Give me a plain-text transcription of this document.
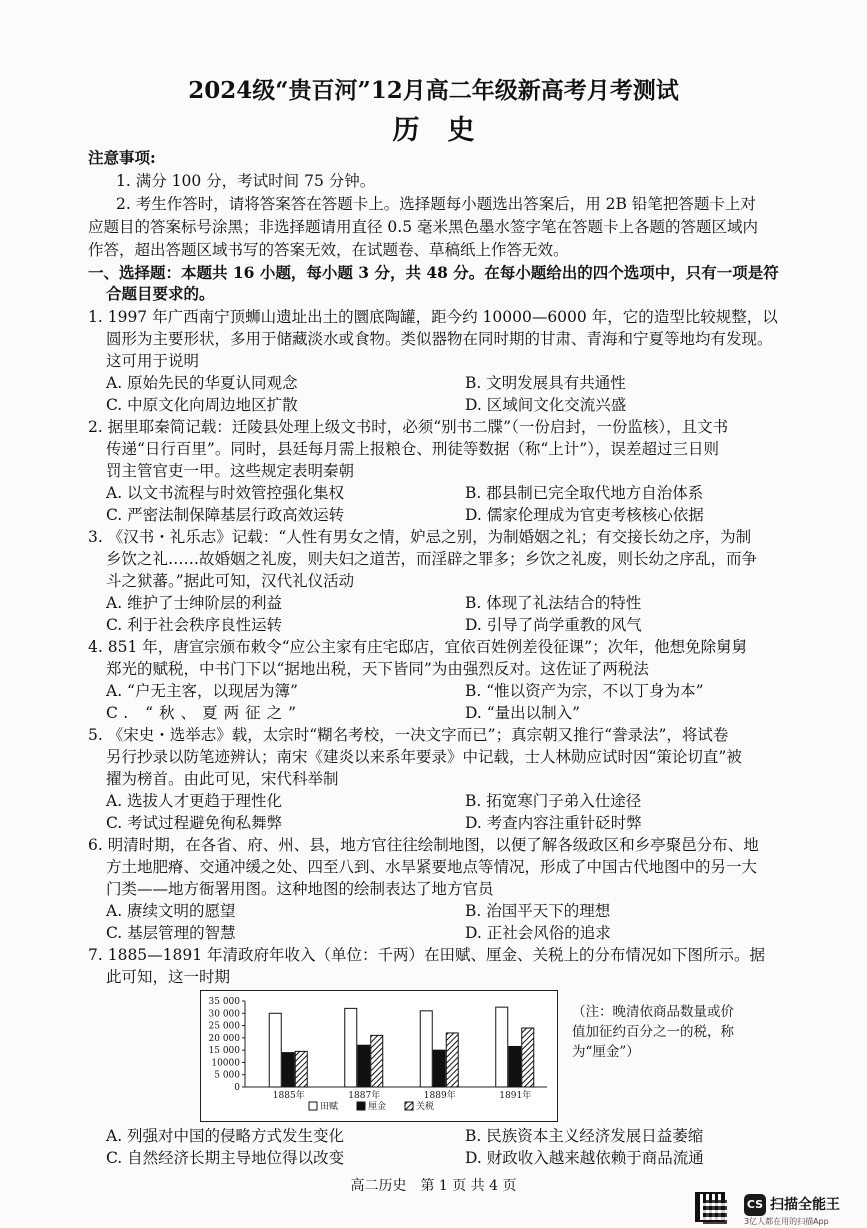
2024级“贵百河”12月高二年级新高考月考测试
历史
注意事项:
1. 满分 100 分，考试时间 75 分钟。
2. 考生作答时，请将答案答在答题卡上。选择题每小题选出答案后，用 2B 铅笔把答题卡上对
应题目的答案标号涂黑；非选择题请用直径 0.5 毫米黑色墨水签字笔在答题卡上各题的答题区域内
作答，超出答题区域书写的答案无效，在试题卷、草稿纸上作答无效。
一、选择题：本题共 16 小题，每小题 3 分，共 48 分。在每小题给出的四个选项中，只有一项是符
合题目要求的。
1. 1997 年广西南宁顶蛳山遗址出土的圜底陶罐，距今约 10000—6000 年，它的造型比较规整，以
圆形为主要形状，多用于储藏淡水或食物。类似器物在同时期的甘肃、青海和宁夏等地均有发现。
这可用于说明
A. 原始先民的华夏认同观念	B. 文明发展具有共通性
C. 中原文化向周边地区扩散	D. 区域间文化交流兴盛
2. 据里耶秦简记载：迁陵县处理上级文书时，必须“别书二牒”（一份启封，一份监核），且文书
传递“日行百里”。同时，县廷每月需上报粮仓、刑徒等数据（称“上计”），误差超过三日则
罚主管官吏一甲。这些规定表明秦朝
A. 以文书流程与时效管控强化集权	B. 郡县制已完全取代地方自治体系
C. 严密法制保障基层行政高效运转	D. 儒家伦理成为官吏考核核心依据
3. 《汉书・礼乐志》记载：“人性有男女之情，妒忌之别，为制婚姻之礼；有交接长幼之序，为制
乡饮之礼……故婚姻之礼废，则夫妇之道苦，而淫辟之罪多；乡饮之礼废，则长幼之序乱，而争
斗之狱蕃。”据此可知，汉代礼仪活动
A. 维护了士绅阶层的利益	B. 体现了礼法结合的特性
C. 利于社会秩序良性运转	D. 引导了尚学重教的风气
4. 851 年，唐宣宗颁布敕令“应公主家有庄宅邸店，宜依百姓例差役征课”；次年，他想免除舅舅
郑光的赋税，中书门下以“据地出税，天下皆同”为由强烈反对。这佐证了两税法
A. “户无主客，以现居为簿”	B. “惟以资产为宗，不以丁身为本”
C. “秋、夏两征之”	D. “量出以制入”
5. 《宋史・选举志》载，太宗时“糊名考校，一决文字而已”；真宗朝又推行“誊录法”，将试卷
另行抄录以防笔迹辨认；南宋《建炎以来系年要录》中记载，士人林勋应试时因“策论切直”被
擢为榜首。由此可见，宋代科举制
A. 选拔人才更趋于理性化	B. 拓宽寒门子弟入仕途径
C. 考试过程避免徇私舞弊	D. 考查内容注重针砭时弊
6. 明清时期，在各省、府、州、县，地方官往往绘制地图，以便了解各级政区和乡亭聚邑分布、地
方土地肥瘠、交通冲缓之处、四至八到、水旱紧要地点等情况，形成了中国古代地图中的另一大
门类——地方衙署用图。这种地图的绘制表达了地方官员
A. 赓续文明的愿望	B. 治国平天下的理想
C. 基层管理的智慧	D. 正社会风俗的追求
7. 1885—1891 年清政府年收入（单位：千两）在田赋、厘金、关税上的分布情况如下图所示。据
此可知，这一时期
35 000
30 000
25 000
20 000
15 000
10000
5 000
0
1885年	1887年	1889年	1891年
田赋	厘金	关税
（注：晚清依商品数量或价
值加征约百分之一的税，称
为“厘金”）
A. 列强对中国的侵略方式发生变化	B. 民族资本主义经济发展日益萎缩
C. 自然经济长期主导地位得以改变	D. 财政收入越来越依赖于商品流通
高二历史　第 1 页 共 4 页
CS 扫描全能王
3亿人都在用的扫描App
